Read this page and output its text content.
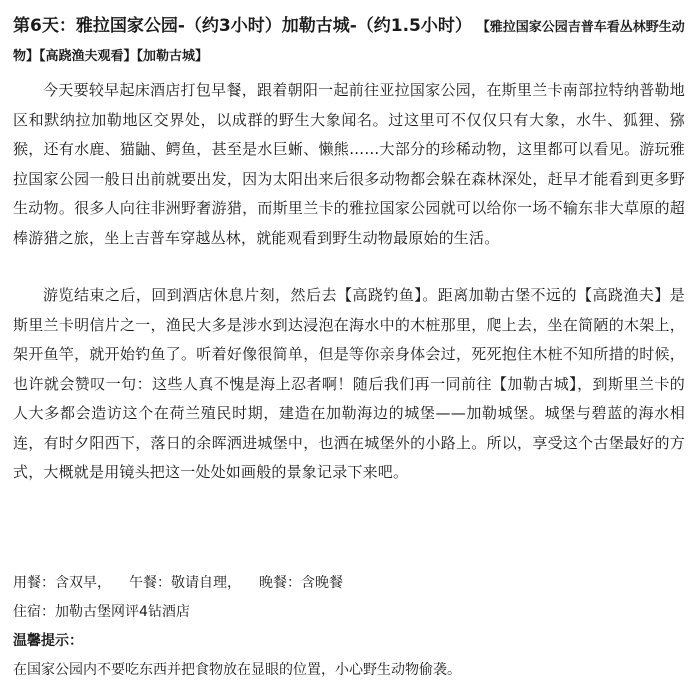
第6天：雅拉国家公园-（约3小时）加勒古城-（约1.5小时） 【雅拉国家公园吉普车看丛林野生动物】【高跷渔夫观看】【加勒古城】

今天要较早起床酒店打包早餐，跟着朝阳一起前往亚拉国家公园，在斯里兰卡南部拉特纳普勒地区和默纳拉加勒地区交界处，以成群的野生大象闻名。过这里可不仅仅只有大象，水牛、狐狸、猕猴，还有水鹿、猫鼬、鳄鱼，甚至是水巨蜥、懒熊……大部分的珍稀动物，这里都可以看见。游玩雅拉国家公园一般日出前就要出发，因为太阳出来后很多动物都会躲在森林深处，赶早才能看到更多野生动物。很多人向往非洲野奢游猎，而斯里兰卡的雅拉国家公园就可以给你一场不输东非大草原的超棒游猎之旅，坐上吉普车穿越丛林，就能观看到野生动物最原始的生活。

游览结束之后，回到酒店休息片刻，然后去【高跷钓鱼】。距离加勒古堡不远的【高跷渔夫】是斯里兰卡明信片之一，渔民大多是涉水到达浸泡在海水中的木桩那里，爬上去，坐在简陋的木架上，架开鱼竿，就开始钓鱼了。听着好像很简单，但是等你亲身体会过，死死抱住木桩不知所措的时候，也许就会赞叹一句：这些人真不愧是海上忍者啊！随后我们再一同前往【加勒古城】，到斯里兰卡的人大多都会造访这个在荷兰殖民时期，建造在加勒海边的城堡——加勒城堡。城堡与碧蓝的海水相连，有时夕阳西下，落日的余晖洒进城堡中，也洒在城堡外的小路上。所以，享受这个古堡最好的方式，大概就是用镜头把这一处处如画般的景象记录下来吧。

用餐：含双早， 午餐：敬请自理， 晚餐：含晚餐
住宿：加勒古堡网评4钻酒店
温馨提示：
在国家公园内不要吃东西并把食物放在显眼的位置，小心野生动物偷袭。
